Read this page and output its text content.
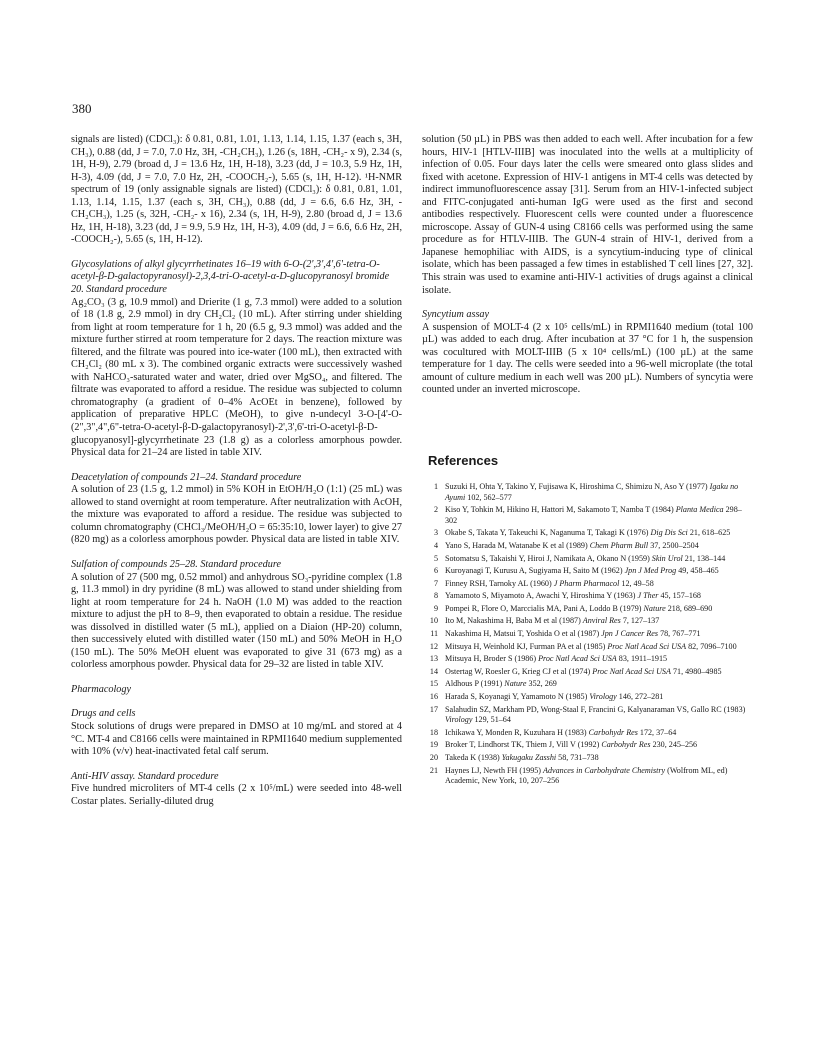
380

signals are listed) (CDCl₃): δ 0.81, 0.81, 1.01, 1.13, 1.14, 1.15, 1.37 (each s, 3H, CH₃), 0.88 (dd, J = 7.0, 7.0 Hz, 3H, -CH₂CH₃), 1.26 (s, 18H, -CH₂- x 9), 2.34 (s, 1H, H-9), 2.79 (broad d, J = 13.6 Hz, 1H, H-18), 3.23 (dd, J = 10.3, 5.9 Hz, 1H, H-3), 4.09 (dd, J = 7.0, 7.0 Hz, 2H, -COOCH₂-), 5.65 (s, 1H, H-12). ¹H-NMR spectrum of 19 (only assignable signals are listed) (CDCl₃): δ 0.81, 0.81, 1.01, 1.13, 1.14, 1.15, 1.37 (each s, 3H, CH₃), 0.88 (dd, J = 6.6, 6.6 Hz, 3H, -CH₂CH₃), 1.25 (s, 32H, -CH₂- x 16), 2.34 (s, 1H, H-9), 2.80 (broad d, J = 13.6 Hz, 1H, H-18), 3.23 (dd, J = 9.9, 5.9 Hz, 1H, H-3), 4.09 (dd, J = 6.6, 6.6 Hz, 2H, -COOCH₂-), 5.65 (s, 1H, H-12).

Glycosylations of alkyl glycyrrhetinates 16–19 with 6-O-(2',3',4',6'-tetra-O-acetyl-β-D-galactopyranosyl)-2,3,4-tri-O-acetyl-α-D-glucopyranosyl bromide 20. Standard procedure

Ag₂CO₃ (3 g, 10.9 mmol) and Drierite (1 g, 7.3 mmol) were added to a solution of 18 (1.8 g, 2.9 mmol) in dry CH₂Cl₂ (10 mL). After stirring under shielding from light at room temperature for 1 h, 20 (6.5 g, 9.3 mmol) was added and the mixture further stirred at room temperature for 2 days. The reaction mixture was filtered, and the filtrate was poured into ice-water (100 mL), then extracted with CH₂Cl₂ (80 mL x 3). The combined organic extracts were successively washed with NaHCO₃-saturated water and water, dried over MgSO₄, and filtered. The filtrate was evaporated to afford a residue. The residue was subjected to column chromatography (a gradient of 0–4% AcOEt in benzene), followed by application of preparative HPLC (MeOH), to give n-undecyl 3-O-[4'-O-(2",3",4",6"-tetra-O-acetyl-β-D-galactopyranosyl)-2',3',6'-tri-O-acetyl-β-D-glucopyanosyl]-glycyrrhetinate 23 (1.8 g) as a colorless amorphous powder. Physical data for 21–24 are listed in table XIV.

Deacetylation of compounds 21–24. Standard procedure

A solution of 23 (1.5 g, 1.2 mmol) in 5% KOH in EtOH/H₂O (1:1) (25 mL) was allowed to stand overnight at room temperature. After neutralization with AcOH, the mixture was evaporated to afford a residue. The residue was subjected to column chromatography (CHCl₃/MeOH/H₂O = 65:35:10, lower layer) to give 27 (820 mg) as a colorless amorphous powder. Physical data are listed in table XIV.

Sulfation of compounds 25–28. Standard procedure

A solution of 27 (500 mg, 0.52 mmol) and anhydrous SO₃-pyridine complex (1.8 g, 11.3 mmol) in dry pyridine (8 mL) was allowed to stand under shielding from light at room temperature for 24 h. NaOH (1.0 M) was added to the reaction mixture to adjust the pH to 8–9, then evaporated to obtain a residue. The residue was dissolved in distilled water (5 mL), applied on a Diaion (HP-20) column, then successively eluted with distilled water (150 mL) and 50% MeOH in H₂O (150 mL). The 50% MeOH eluent was evaporated to give 31 (673 mg) as a colorless amorphous powder. Physical data for 29–32 are listed in table XIV.

Pharmacology
Drugs and cells

Stock solutions of drugs were prepared in DMSO at 10 mg/mL and stored at 4 °C. MT-4 and C8166 cells were maintained in RPMI1640 medium supplemented with 10% (v/v) heat-inactivated fetal calf serum.

Anti-HIV assay. Standard procedure

Five hundred microliters of MT-4 cells (2 x 10⁵/mL) were seeded into 48-well Costar plates. Serially-diluted drug

solution (50 µL) in PBS was then added to each well. After incubation for a few hours, HIV-1 [HTLV-IIIB] was inoculated into the wells at a multiplicity of infection of 0.05. Four days later the cells were smeared onto glass slides and fixed with acetone. Expression of HIV-1 antigens in MT-4 cells was detected by indirect immunofluorescence assay [31]. Serum from an HIV-1-infected subject and FITC-conjugated anti-human IgG were used as the first and second antibodies respectively. Fluorescent cells were counted under a fluorescence microscope. Assay of GUN-4 using C8166 cells was performed using the same procedure as for HTLV-IIIB. The GUN-4 strain of HIV-1, derived from a Japanese hemophiliac with AIDS, is a syncytium-inducing type of clinical isolate, which has been passaged a few times in established T cell lines [27, 32]. This strain was used to examine anti-HIV-1 activities of drugs against a clinical isolate.

Syncytium assay

A suspension of MOLT-4 (2 x 10⁵ cells/mL) in RPMI1640 medium (total 100 µL) was added to each drug. After incubation at 37 °C for 1 h, the suspension was cocultured with MOLT-IIIB (5 x 10⁴ cells/mL) (100 µL) at the same temperature for 1 day. The cells were seeded into a 96-well microplate (the total amount of culture medium in each well was 200 µL). Numbers of syncytia were counted under an inverted microscope.

References
1 Suzuki H, Ohta Y, Takino Y, Fujisawa K, Hiroshima C, Shimizu N, Aso Y (1977) Igaku no Ayumi 102, 562–577
2 Kiso Y, Tohkin M, Hikino H, Hattori M, Sakamoto T, Namba T (1984) Planta Medica 298–302
3 Okabe S, Takata Y, Takeuchi K, Naganuma T, Takagi K (1976) Dig Dis Sci 21, 618–625
4 Yano S, Harada M, Watanabe K et al (1989) Chem Pharm Bull 37, 2500–2504
5 Sotomatsu S, Takaishi Y, Hiroi J, Namikata A, Okano N (1959) Skin Urol 21, 138–144
6 Kuroyanagi T, Kurusu A, Sugiyama H, Saito M (1962) Jpn J Med Prog 49, 458–465
7 Finney RSH, Tarnoky AL (1960) J Pharm Pharmacol 12, 49–58
8 Yamamoto S, Miyamoto A, Awachi Y, Hiroshima Y (1963) J Ther 45, 157–168
9 Pompei R, Flore O, Marccialis MA, Pani A, Loddo B (1979) Nature 218, 689–690
10 Ito M, Nakashima H, Baba M et al (1987) Anviral Res 7, 127–137
11 Nakashima H, Matsui T, Yoshida O et al (1987) Jpn J Cancer Res 78, 767–771
12 Mitsuya H, Weinhold KJ, Furman PA et al (1985) Proc Natl Acad Sci USA 82, 7096–7100
13 Mitsuya H, Broder S (1986) Proc Natl Acad Sci USA 83, 1911–1915
14 Ostertag W, Roesler G, Krieg CJ et al (1974) Proc Natl Acad Sci USA 71, 4980–4985
15 Aldhous P (1991) Nature 352, 269
16 Harada S, Koyanagi Y, Yamamoto N (1985) Virology 146, 272–281
17 Salahudin SZ, Markham PD, Wong-Staal F, Francini G, Kalyanaraman VS, Gallo RC (1983) Virology 129, 51–64
18 Ichikawa Y, Monden R, Kuzuhara H (1983) Carbohydr Res 172, 37–64
19 Broker T, Lindhorst TK, Thiem J, Vill V (1992) Carbohydr Res 230, 245–256
20 Takeda K (1938) Yakugaku Zasshi 58, 731–738
21 Haynes LJ, Newth FH (1995) Advances in Carbohydrate Chemistry (Wolfrom ML, ed) Academic, New York, 10, 207–256
